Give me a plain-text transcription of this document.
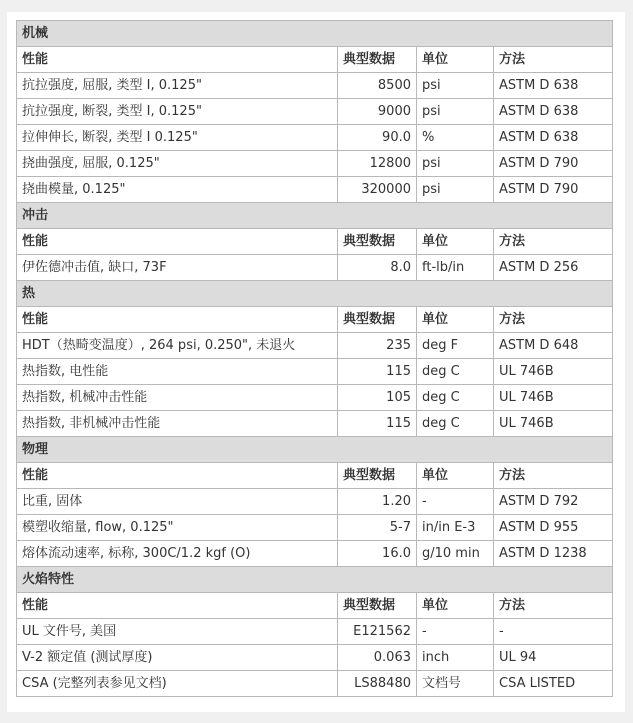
机械			
性能	典型数据	单位	方法
抗拉强度, 屈服, 类型 I, 0.125"	8500	psi	ASTM D 638
抗拉强度, 断裂, 类型 I, 0.125"	9000	psi	ASTM D 638
拉伸伸长, 断裂, 类型 I 0.125"	90.0	%	ASTM D 638
挠曲强度, 屈服, 0.125"	12800	psi	ASTM D 790
挠曲模量, 0.125"	320000	psi	ASTM D 790
冲击			
性能	典型数据	单位	方法
伊佐德冲击值, 缺口, 73F	8.0	ft-lb/in	ASTM D 256
热			
性能	典型数据	单位	方法
HDT（热畸变温度）, 264 psi, 0.250", 未退火	235	deg F	ASTM D 648
热指数, 电性能	115	deg C	UL 746B
热指数, 机械冲击性能	105	deg C	UL 746B
热指数, 非机械冲击性能	115	deg C	UL 746B
物理			
性能	典型数据	单位	方法
比重, 固体	1.20	-	ASTM D 792
模塑收缩量, flow, 0.125"	5-7	in/in E-3	ASTM D 955
熔体流动速率, 标称, 300C/1.2 kgf (O)	16.0	g/10 min	ASTM D 1238
火焰特性			
性能	典型数据	单位	方法
UL 文件号, 美国	E121562	-	-
V-2 额定值 (测试厚度)	0.063	inch	UL 94
CSA (完整列表参见文档)	LS88480	文档号	CSA LISTED
